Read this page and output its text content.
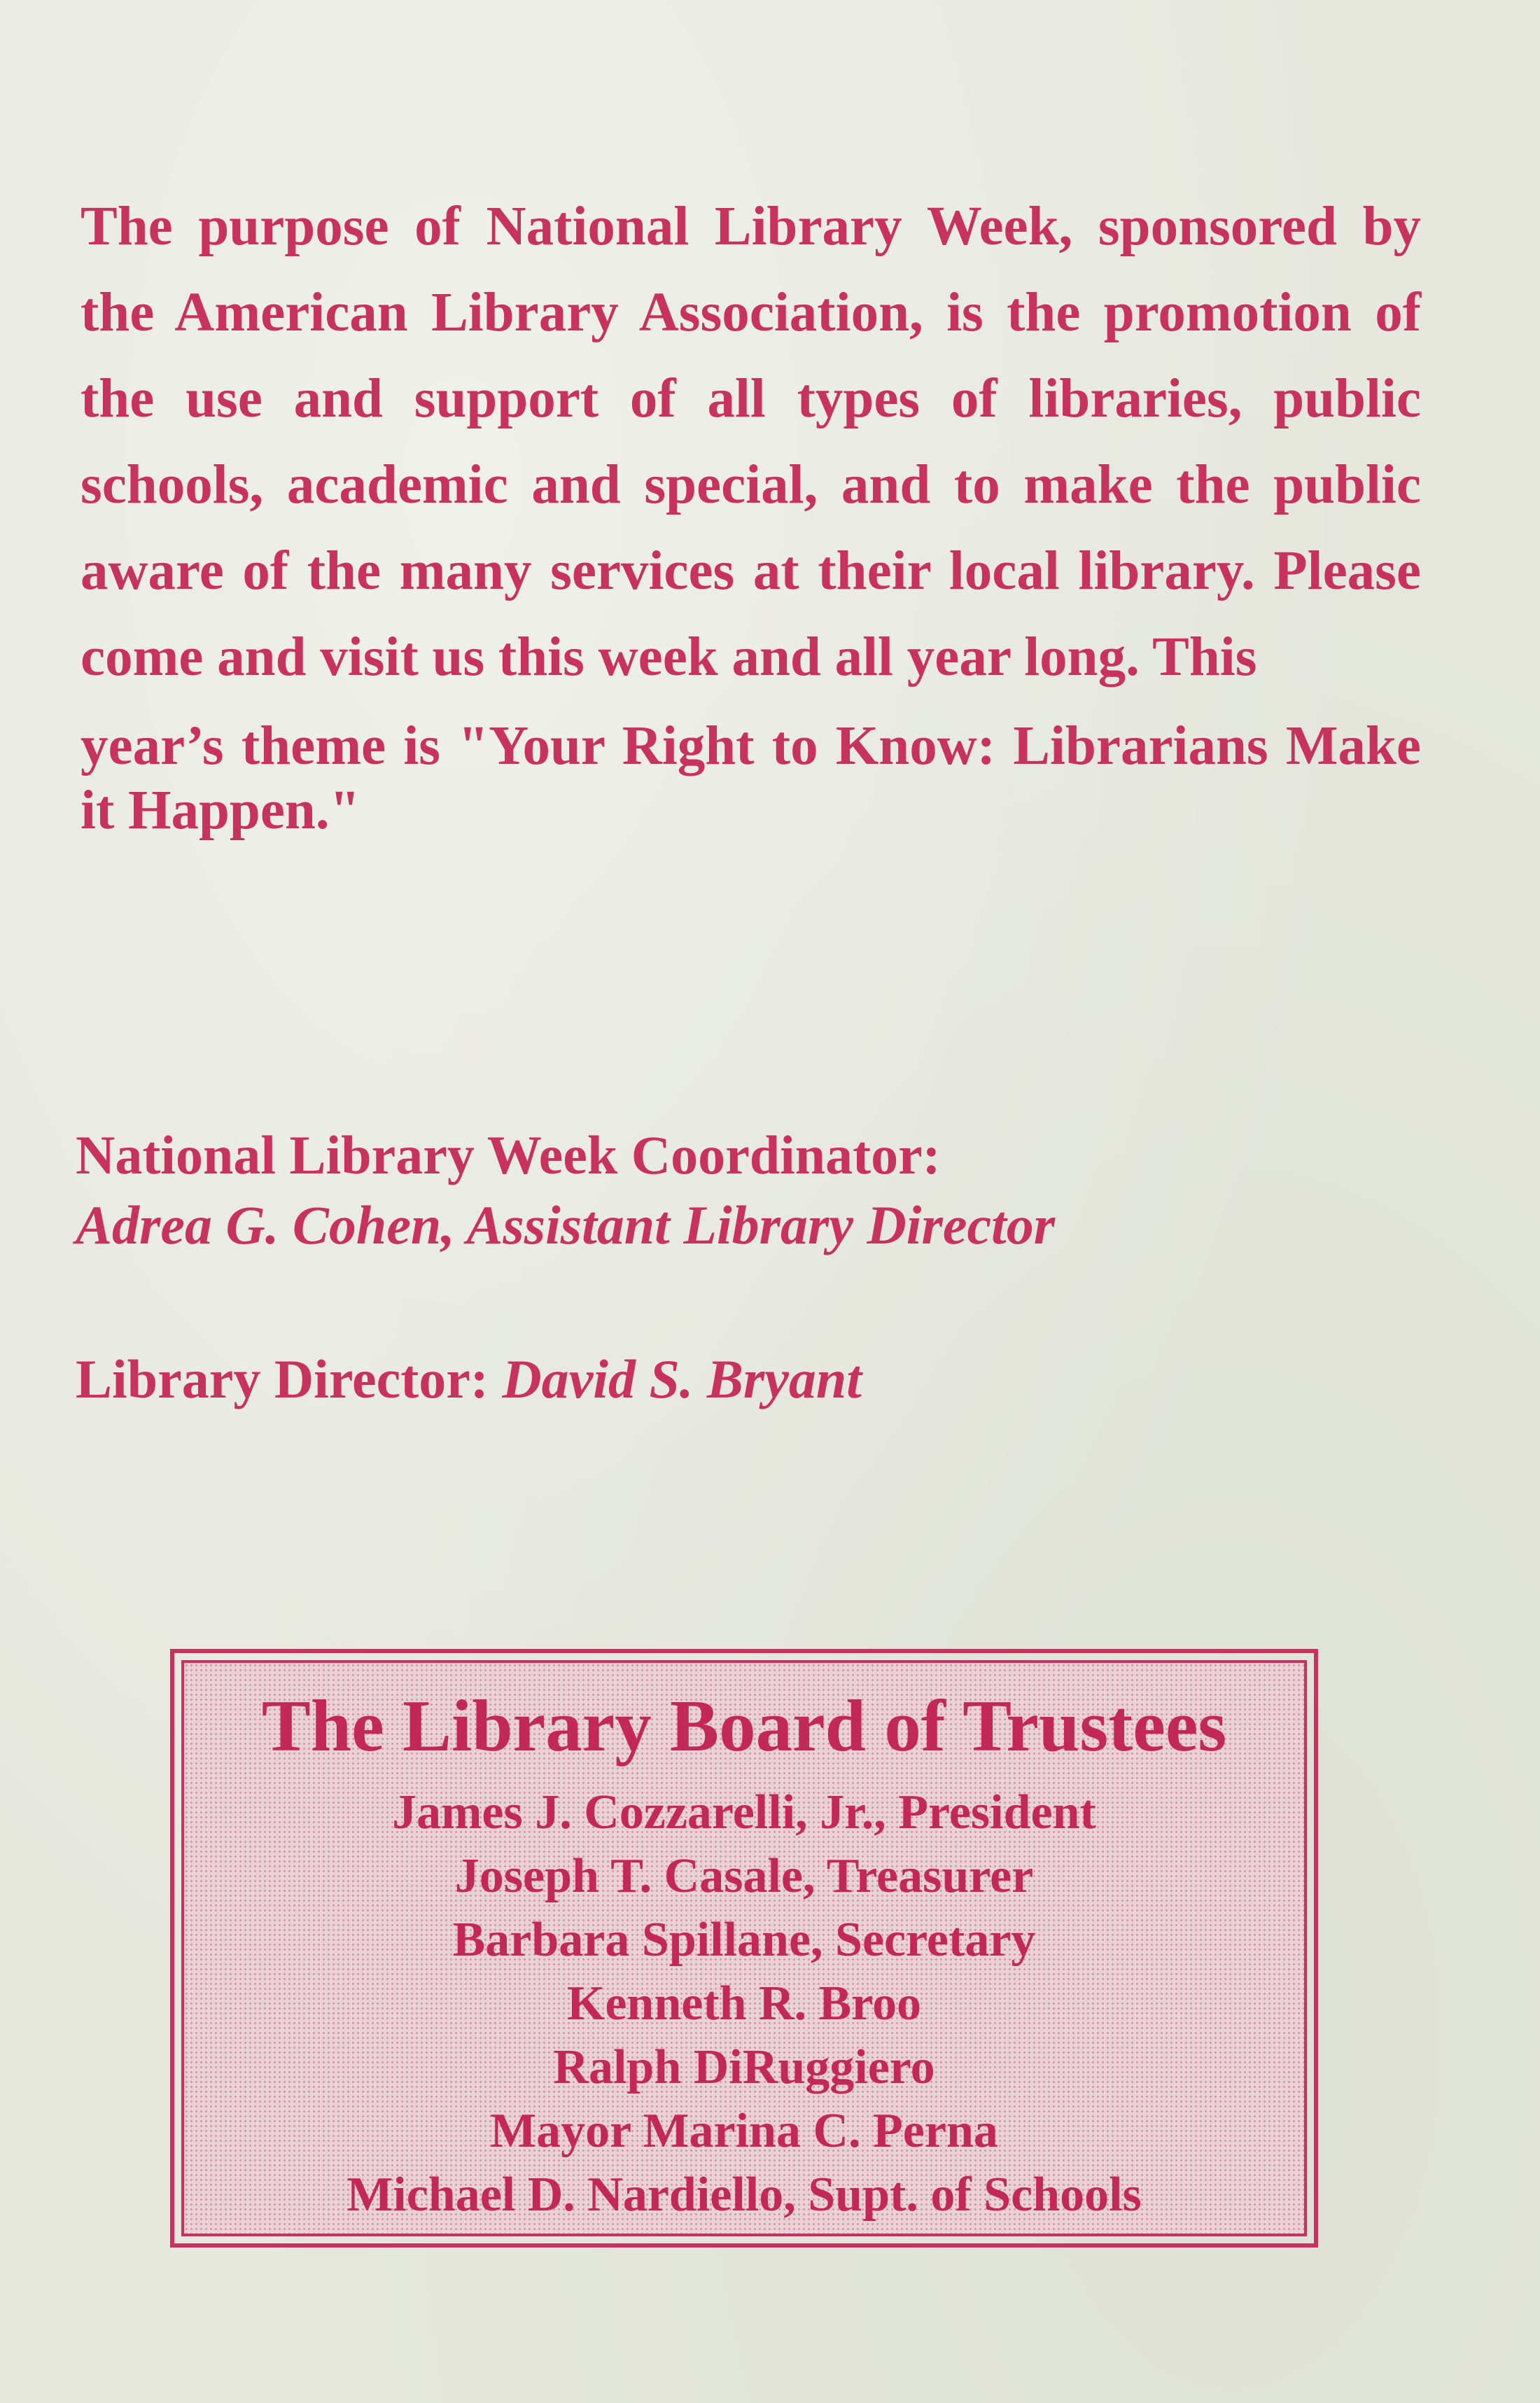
The purpose of National Library Week, sponsored by the American Library Association, is the promotion of the use and support of all types of libraries, public schools, academic and special, and to make the public aware of the many services at their local library. Please come and visit us this week and all year long. This
year’s theme is "Your Right to Know: Librarians Make it Happen."

National Library Week Coordinator:
Adrea G. Cohen, Assistant Library Director
Library Director: David S. Bryant
The Library Board of Trustees
James J. Cozzarelli, Jr., President
Joseph T. Casale, Treasurer
Barbara Spillane, Secretary
Kenneth R. Broo
Ralph DiRuggiero
Mayor Marina C. Perna
Michael D. Nardiello, Supt. of Schools
